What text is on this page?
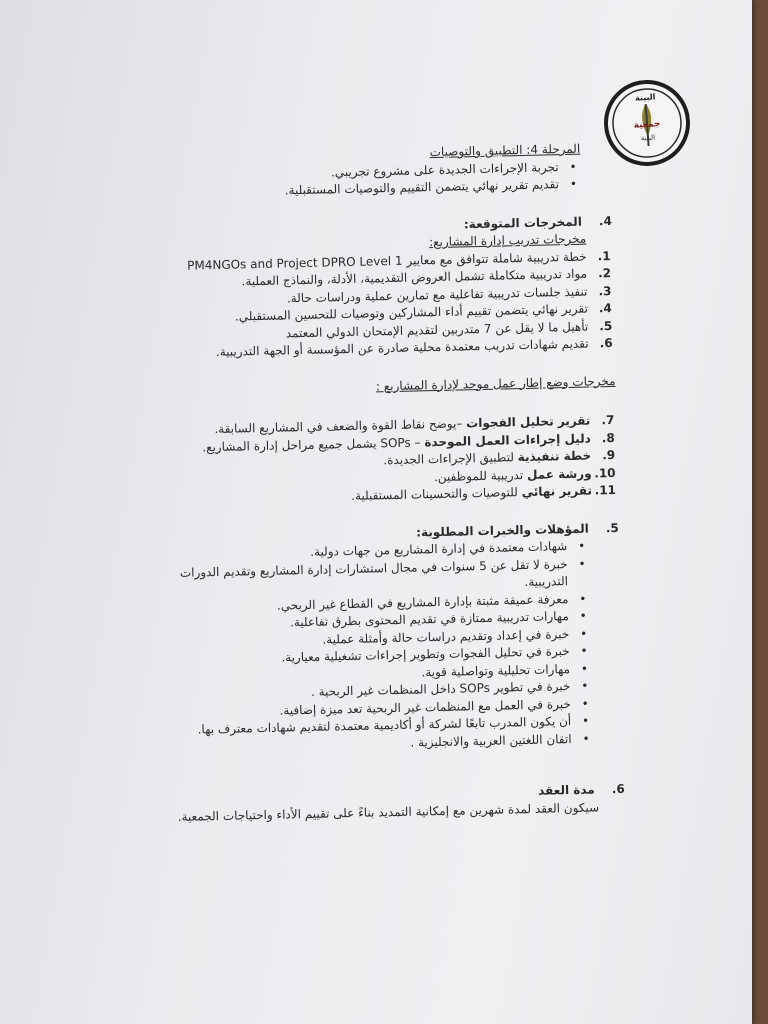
البينة
جمعية
البينة

المرحلة 4: التطبيق والتوصيات

• تجربة الإجراءات الجديدة على مشروع تجريبي.
• تقديم تقرير نهائي يتضمن التقييم والتوصيات المستقبلية.
4.
المخرجات المتوقعة:

مخرجات تدريب إدارة المشاريع:

1.
خطة تدريبية شاملة تتوافق مع معايير PM4NGOs and Project DPRO Level 1
2.
مواد تدريبية متكاملة تشمل العروض التقديمية، الأدلة، والنماذج العملية.
3.
تنفيذ جلسات تدريبية تفاعلية مع تمارين عملية ودراسات حالة.
4.
تقرير نهائي يتضمن تقييم أداء المشاركين وتوصيات للتحسين المستقبلي.
5.
تأهيل ما لا يقل عن 7 متدربين لتقديم الإمتحان الدولي المعتمد
6.
تقديم شهادات تدريب معتمدة محلية صادرة عن المؤسسة أو الجهة التدريبية.

مخرجات وضع إطار عمل موحد لإدارة المشاريع :

7.
تقرير تحليل الفجوات –يوضح نقاط القوة والضعف في المشاريع السابقة.
8.
دليل إجراءات العمل الموحدة – SOPs يشمل جميع مراحل إدارة المشاريع.
9.
خطة تنفيذية لتطبيق الإجراءات الجديدة.
10.
ورشة عمل تدريبية للموظفين.
11.
تقرير نهائي للتوصيات والتحسينات المستقبلية.
5.
المؤهلات والخبرات المطلوبة:
• شهادات معتمدة في إدارة المشاريع من جهات دولية.
• خبرة لا تقل عن 5 سنوات في مجال استشارات إدارة المشاريع وتقديم الدورات التدريبية.
• معرفة عميقة مثبتة بإدارة المشاريع في القطاع غير الربحي.
• مهارات تدريبية ممتازة في تقديم المحتوى بطرق تفاعلية.
• خبرة في إعداد وتقديم دراسات حالة وأمثلة عملية.
• خبرة في تحليل الفجوات وتطوير إجراءات تشغيلية معيارية.
• مهارات تحليلية وتواصلية قوية.
• خبرة في تطوير SOPs داخل المنظمات غير الربحية .
• خبرة في العمل مع المنظمات غير الربحية تعد ميزة إضافية.
• أن يكون المدرب تابعًا لشركة أو أكاديمية معتمدة لتقديم شهادات معترف بها.
• اتقان اللغتين العربية والانجليزية .
6.
مدة العقد

سيكون العقد لمدة شهرين مع إمكانية التمديد بناءً على تقييم الأداء واحتياجات الجمعية.
